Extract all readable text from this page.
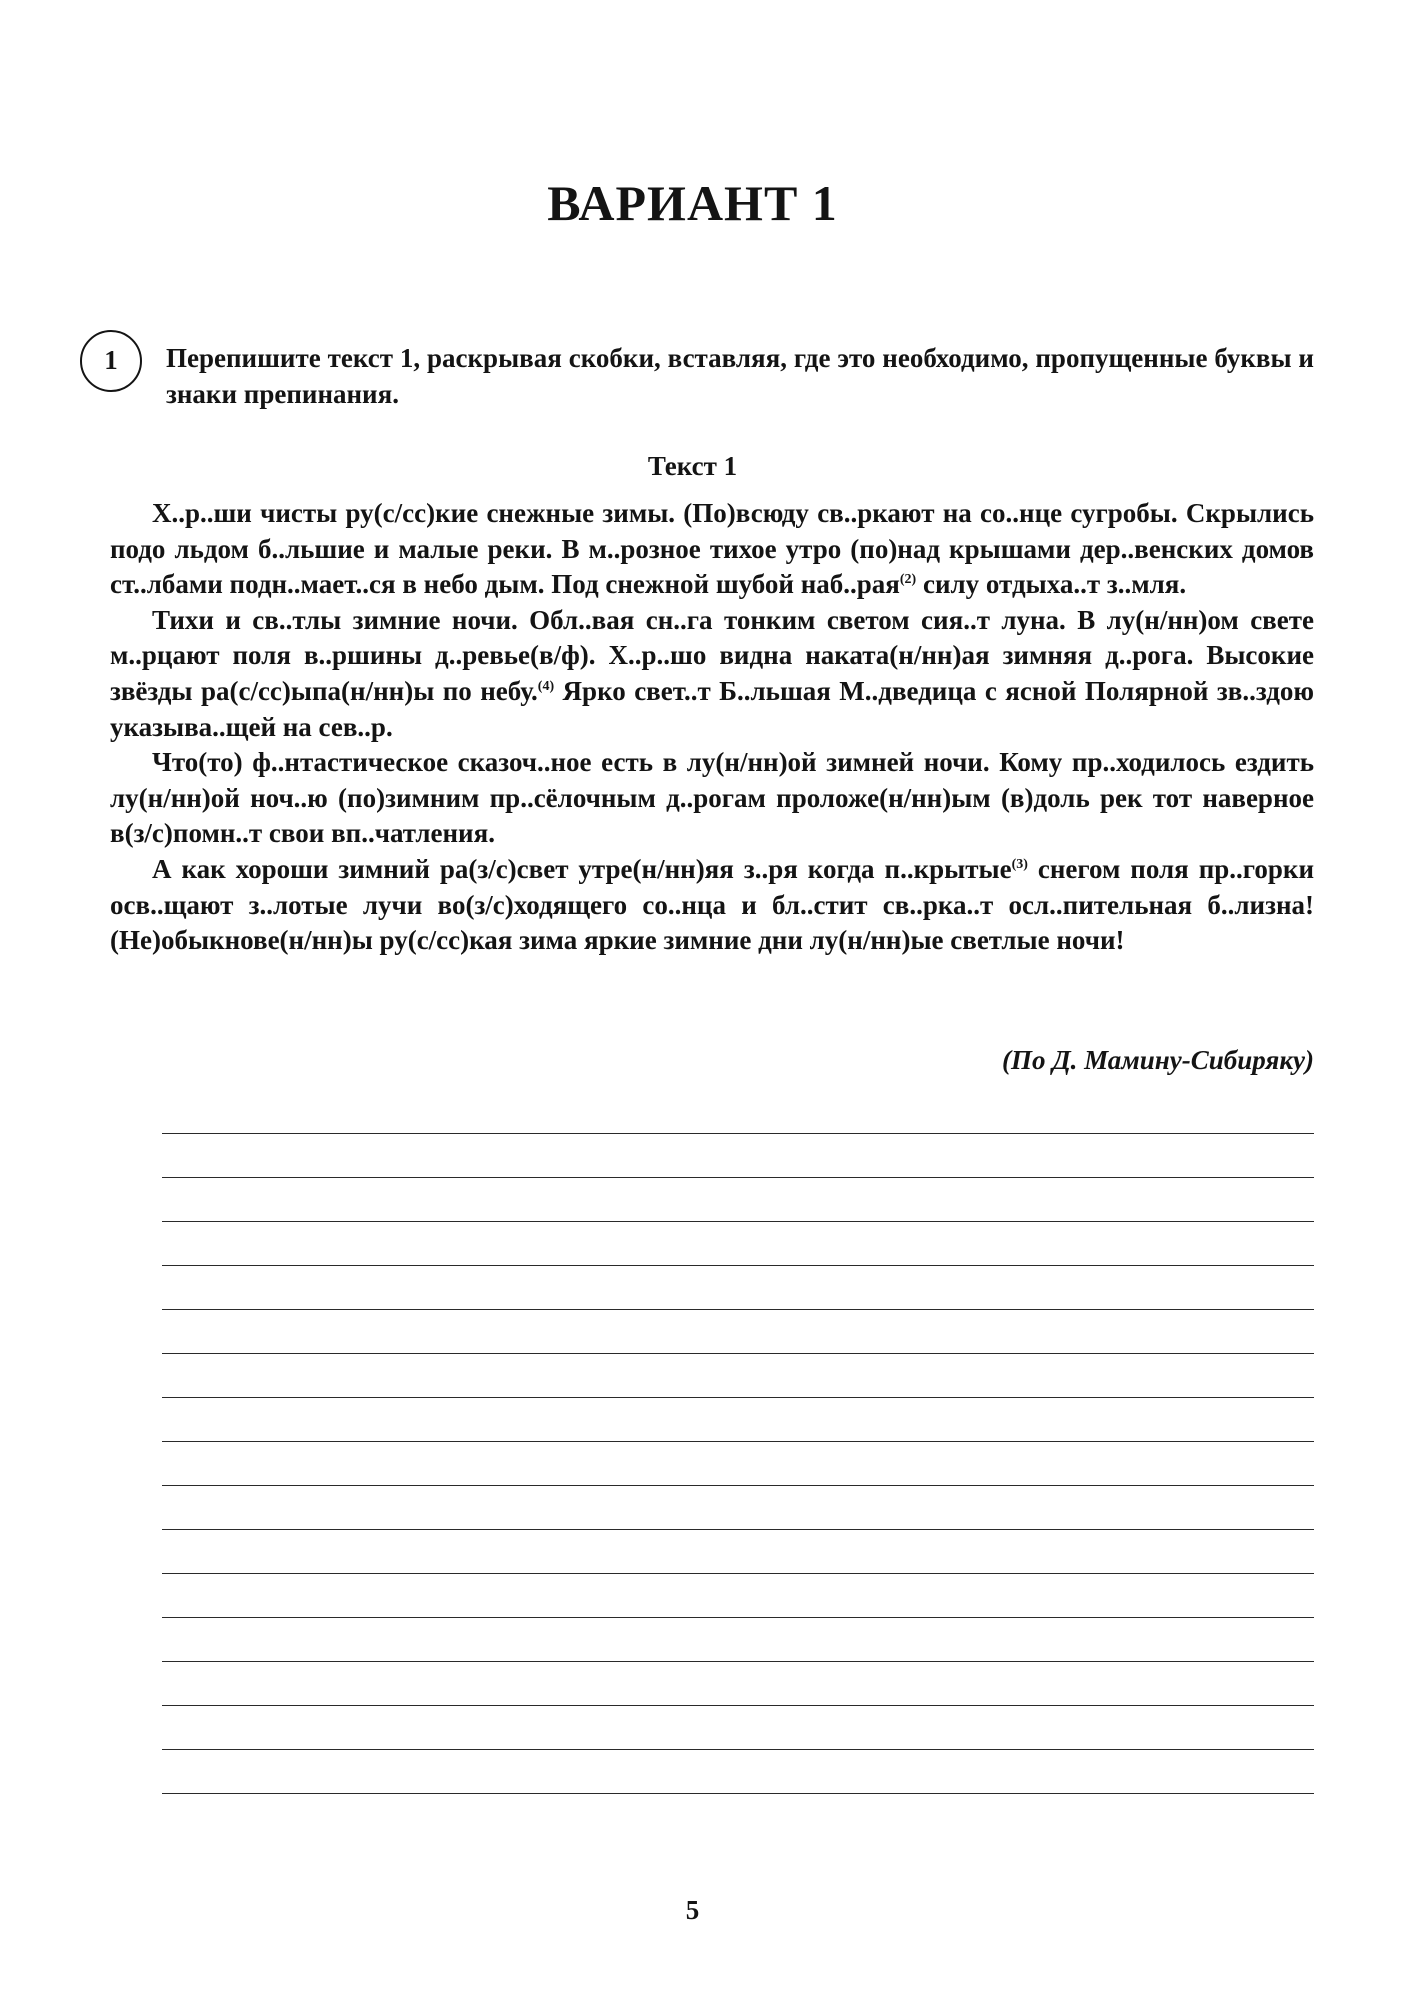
ВАРИАНТ 1
1	Перепишите текст 1, раскрывая скобки, вставляя, где это необходимо, пропущенные буквы и знаки препинания.
Текст 1

Х..р..ши чисты ру(с/сс)кие снежные зимы. (По)всюду св..ркают на со..нце сугробы. Скрылись подо льдом б..льшие и малые реки. В м..розное тихое утро (по)над крышами дер..венских домов ст..лбами подн..мает..ся в небо дым. Под снежной шубой наб..рая$^{(2)}$ силу отдыха..т з..мля.

Тихи и св..тлы зимние ночи. Обл..вая сн..га тонким светом сия..т луна. В лу(н/нн)ом свете м..рцают поля в..ршины д..ревье(в/ф). Х..р..шо видна наката(н/нн)ая зимняя д..рога. Высокие звёзды ра(с/сс)ыпа(н/нн)ы по небу.$^{(4)}$ Ярко свет..т Б..льшая М..дведица с ясной Полярной зв..здою указыва..щей на сев..р.

Что(то) ф..нтастическое сказоч..ное есть в лу(н/нн)ой зимней ночи. Кому пр..ходилось ездить лу(н/нн)ой ноч..ю (по)зимним пр..сёлочным д..рогам проложе(н/нн)ым (в)доль рек тот наверное в(з/с)помн..т свои вп..чатления.

А как хороши зимний ра(з/с)свет утре(н/нн)яя з..ря когда п..крытые$^{(3)}$ снегом поля пр..горки осв..щают з..лотые лучи во(з/с)ходящего со..нца и бл..стит св..рка..т осл..пительная б..лизна! (Не)обыкнове(н/нн)ы ру(с/сс)кая зима яркие зимние дни лу(н/нн)ые светлые ночи!

(По Д. Мамину-Сибиряку)
5
